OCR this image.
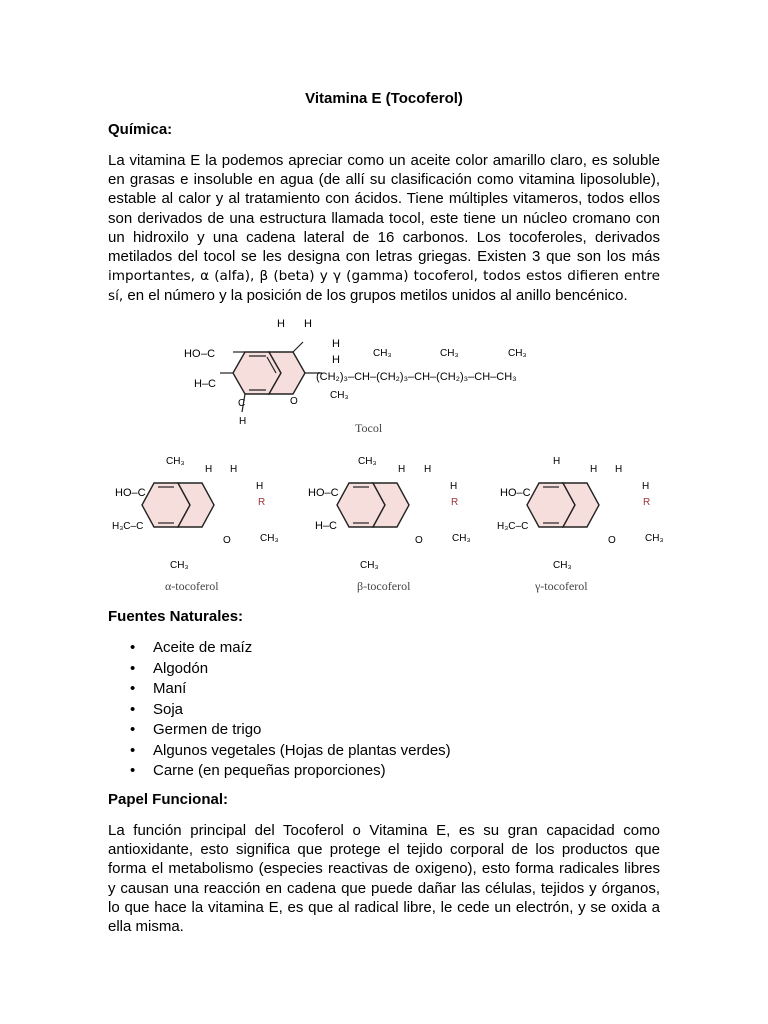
Vitamina E (Tocoferol)
Química:

La vitamina E la podemos apreciar como un aceite color amarillo claro, es soluble en grasas e insoluble en agua (de allí su clasificación como vitamina liposoluble), estable al calor y al tratamiento con ácidos. Tiene múltiples vitameros, todos ellos son derivados de una estructura llamada tocol, este tiene un núcleo cromano con un hidroxilo y una cadena lateral de 16 carbonos. Los tocoferoles, derivados metilados del tocol se les designa con letras griegas. Existen 3 que son los más importantes, α (alfa), β (beta) y γ (gamma) tocoferol, todos estos difieren entre sí, en el número y la posición de los grupos metilos unidos al anillo bencénico.

HO –C
H–C
C
H
H H
H
H
(CH₂)₃–CH–(CH₂)₃–CH–(CH₂)₃–CH–CH₃
CH₃	CH₃	CH₃
CH₃
O
Tocol
CH₃
HO–C
H₃C–C
CH₃
H H
H
R
CH₃
O
α-tocoferol
CH₃
HO–C
H–C
CH₃
H H
H
R
CH₃
O
β-tocoferol
H
HO–C
H₃C–C
CH₃
H H
H
R
CH₃
O
γ-tocoferol
Fuentes Naturales:
• Aceite de maíz
• Algodón
• Maní
• Soja
• Germen de trigo
• Algunos vegetales (Hojas de plantas verdes)
• Carne (en pequeñas proporciones)
Papel Funcional:

La función principal del Tocoferol o Vitamina E, es su gran capacidad como antioxidante, esto significa que protege el tejido corporal de los productos que forma el metabolismo (especies reactivas de oxigeno), esto forma radicales libres y causan una reacción en cadena que puede dañar las células, tejidos y órganos, lo que hace la vitamina E, es que al radical libre, le cede un electrón, y se oxida a ella misma.
